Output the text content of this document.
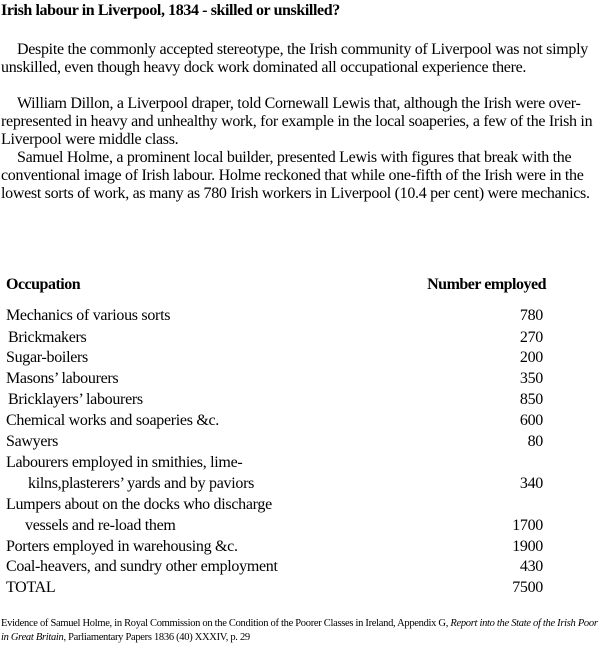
Irish labour in Liverpool, 1834 - skilled or unskilled?

Despite the commonly accepted stereotype, the Irish community of Liverpool was not simply unskilled, even though heavy dock work dominated all occupational experience there.

William Dillon, a Liverpool draper, told Cornewall Lewis that, although the Irish were over-represented in heavy and unhealthy work, for example in the local soaperies, a few of the Irish in Liverpool were middle class.

Samuel Holme, a prominent local builder, presented Lewis with figures that break with the conventional image of Irish labour. Holme reckoned that while one-fifth of the Irish were in the lowest sorts of work, as many as 780 Irish workers in Liverpool (10.4 per cent) were mechanics.

Occupation	Number employed
Mechanics of various sorts	780
Brickmakers	270
Sugar-boilers	200
Masons’ labourers	350
Bricklayers’ labourers	850
Chemical works and soaperies &c.	600
Sawyers	80
Labourers employed in smithies, lime-
kilns,plasterers’ yards and by paviors	340
Lumpers about on the docks who discharge
vessels and re-load them	1700
Porters employed in warehousing &c.	1900
Coal-heavers, and sundry other employment	430
TOTAL	7500
Evidence of Samuel Holme, in Royal Commission on the Condition of the Poorer Classes in Ireland, Appendix G, Report into the State of the Irish Poor in Great Britain, Parliamentary Papers 1836 (40) XXXIV, p. 29
